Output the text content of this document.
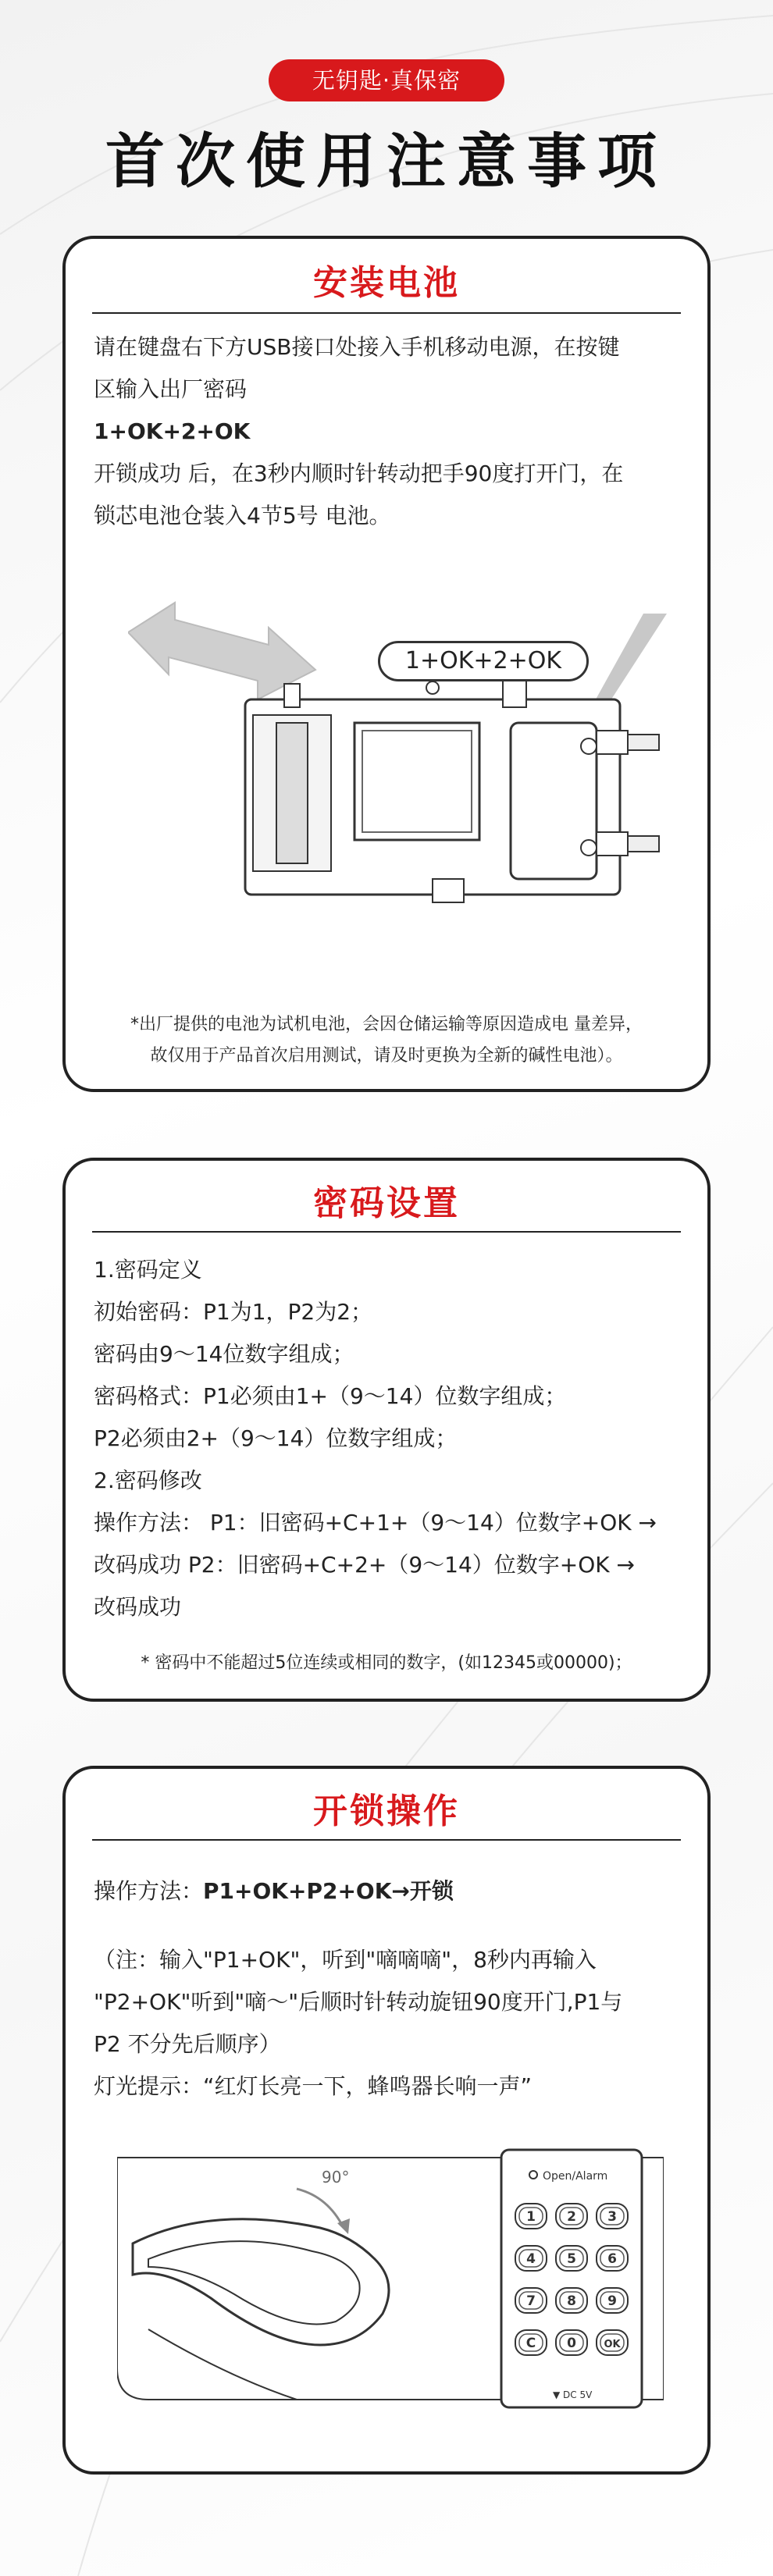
无钥匙·真保密
首次使用注意事项
安装电池

请在键盘右下方USB接口处接入手机移动电源，在按键

区输入出厂密码

1+OK+2+OK

开锁成功 后，在3秒内顺时针转动把手90度打开门，在

锁芯电池仓装入4节5号 电池。

1+OK+2+OK

*出厂提供的电池为试机电池，会因仓储运输等原因造成电 量差异，

故仅用于产品首次启用测试，请及时更换为全新的碱性电池）。

密码设置

1.密码定义

初始密码：P1为1，P2为2；

密码由9～14位数字组成；

密码格式：P1必须由1+（9～14）位数字组成；

P2必须由2+（9～14）位数字组成；

2.密码修改

操作方法： P1：旧密码+C+1+（9～14）位数字+OK →

改码成功 P2：旧密码+C+2+（9～14）位数字+OK →

改码成功

* 密码中不能超过5位连续或相同的数字，(如12345或00000)；
开锁操作

操作方法：P1+OK+P2+OK→开锁

（注：输入"P1+OK"，听到"嘀嘀嘀"，8秒内再输入

"P2+OK"听到"嘀～"后顺时针转动旋钮90度开门,P1与

P2 不分先后顺序）

灯光提示：“红灯长亮一下，蜂鸣器长响一声”

90°	Open/Alarm
1 2 3
4 5 6
7 8 9
C 0	OK
▼ DC 5V
